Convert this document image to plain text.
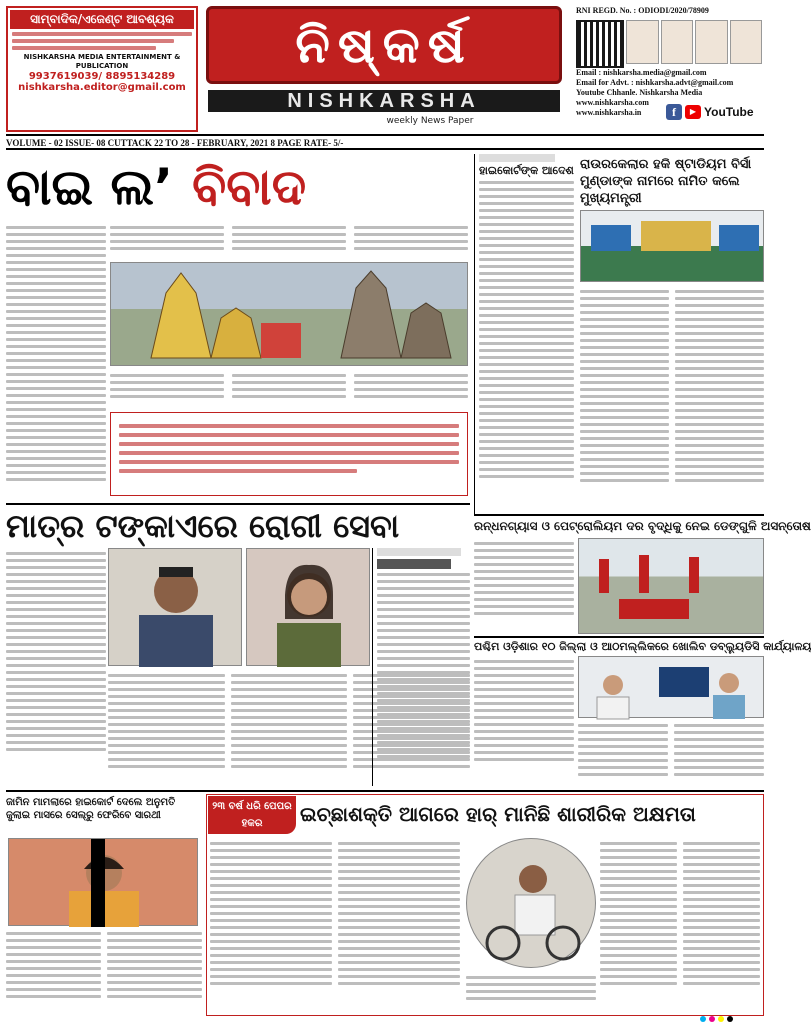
ସାମ୍ବାଦିକ/ଏଜେଣ୍ଟ ଆବଶ୍ୟକ
NISHKARSHA MEDIA ENTERTAINMENT & PUBLICATION
9937619039/ 8895134289
nishkarsha.editor@gmail.com
ନିଷ୍କର୍ଷ
NISHKARSHA
weekly News Paper
RNI REGD. No. : ODIODI/2020/78909
Email : nishkarsha.media@gmail.com
Email for Advt. : nishkarsha.advt@gmail.com
Youtube Chhanle. Nishkarsha Media
www.nishkarsha.com
www.nishkarsha.in	f	▶ YouTube
VOLUME - 02 ISSUE- 08 CUTTACK 22 TO 28 - FEBRUARY, 2021 8 PAGE RATE- 5/-
ବାଇ ଲ’ ବିବାଦ	ହାଇକୋର୍ଟଙ୍କ ଆଦେଶ ରାଉରକେଲାର ହକି ଷ୍ଟାଡିୟମ ବିର୍ସା ମୁଣ୍ଡାଙ୍କ ନାମରେ ନାମିତ କଲେ ମୁଖ୍ୟମନ୍ତ୍ରୀ
ମାତ୍ର ଟଙ୍କାଏରେ ରୋଗୀ ସେବା	ରନ୍ଧନଗ୍ୟାସ ଓ ପେଟ୍ରୋଲିୟମ ଦର ବୃଦ୍ଧିକୁ ନେଇ ଡେଙ୍ଗୁଳି ଅସନ୍ତୋଷ
ପଶ୍ଚିମ ଓଡ଼ିଶାର ୧୦ ଜିଲ୍ଲା ଓ ଆଠମଲ୍ଲିକରେ ଖୋଲିବ ଡବ୍ଲ୍ୟୁଡିସି କାର୍ଯ୍ୟାଳୟ
ଜାମିନ ମାମଲାରେ ହାଇକୋର୍ଟ ଦେଲେ ଅନୁମତି ଜୁଲାଇ ମାସରେ ସେଲ୍‌ରୁ ଫେରିବେ ସାରଥୀ
୨୩ ବର୍ଷ ଧରି ପେପର ହକର	ଇଚ୍ଛାଶକ୍ତି ଆଗରେ ହାର୍ ମାନିଛି ଶାରୀରିକ ଅକ୍ଷମତା
